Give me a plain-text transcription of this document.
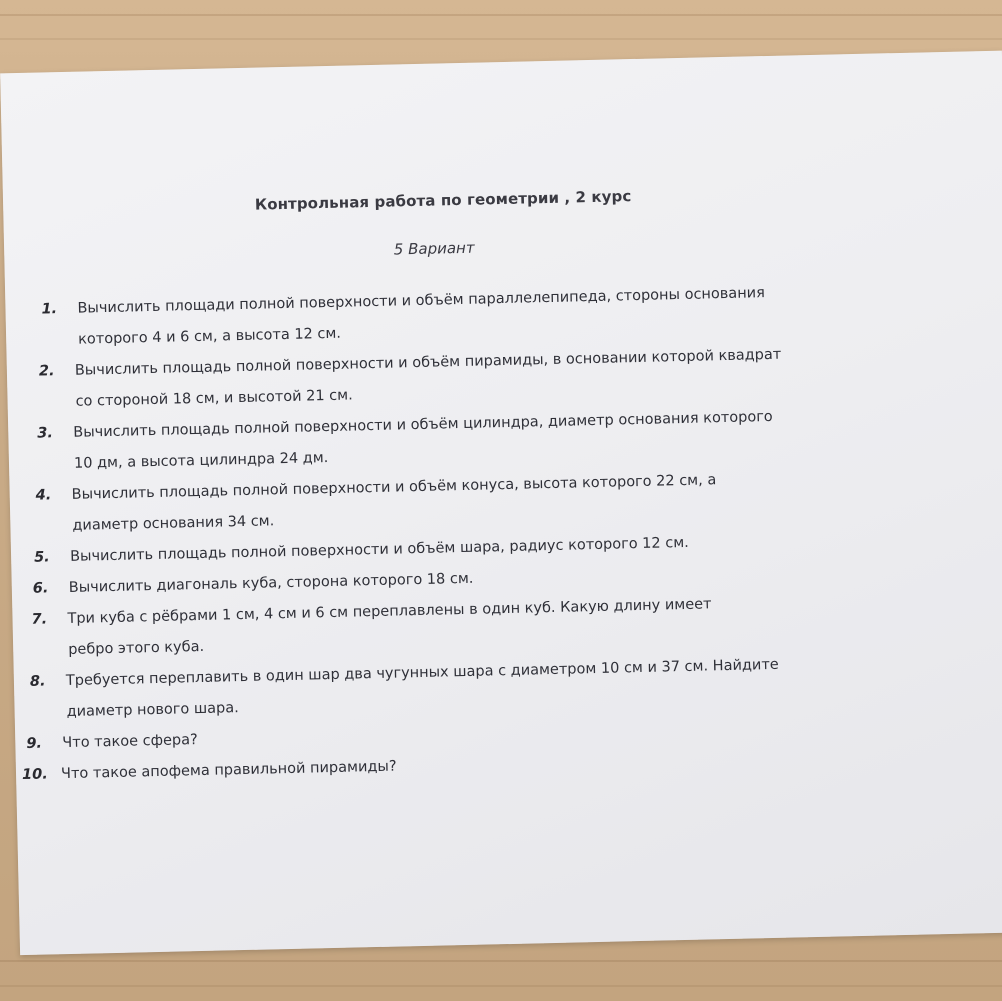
Контрольная работа по геометрии , 2 курс
5 Вариант
1. Вычислить площади полной поверхности и объём параллелепипеда, стороны основания
которого 4 и 6 см, а высота 12 см.
2. Вычислить площадь полной поверхности и объём пирамиды, в основании которой квадрат
со стороной 18 см, и высотой 21 см.
3. Вычислить площадь полной поверхности и объём цилиндра, диаметр основания которого
10 дм, а высота цилиндра 24 дм.
4. Вычислить площадь полной поверхности и объём конуса, высота которого 22 см, а
диаметр основания 34 см.
5. Вычислить площадь полной поверхности и объём шара, радиус которого 12 см.
6. Вычислить диагональ куба, сторона которого 18 см.
7. Три куба с рёбрами 1 см, 4 см и 6 см переплавлены в один куб. Какую длину имеет
ребро этого куба.
8. Требуется переплавить в один шар два чугунных шара с диаметром 10 см и 37 см. Найдите
диаметр нового шара.
9. Что такое сфера?
10. Что такое апофема правильной пирамиды?
